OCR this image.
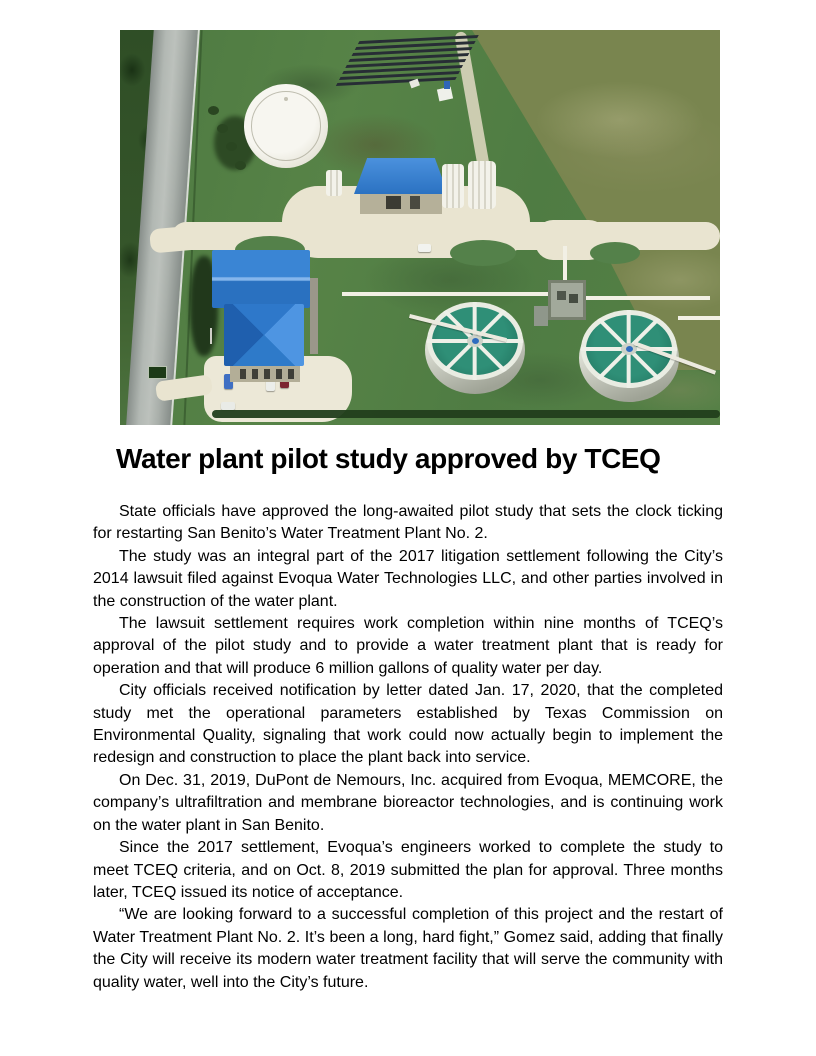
Water plant pilot study approved by TCEQ

State officials have approved the long-awaited pilot study that sets the clock ticking for restarting San Benito’s Water Treatment Plant No. 2.

The study was an integral part of the 2017 litigation settlement following the City’s 2014 lawsuit filed against Evoqua Water Technologies LLC, and other parties involved in the construction of the water plant.

The lawsuit settlement requires work completion within nine months of TCEQ’s approval of the pilot study and to provide a water treatment plant that is ready for operation and that will produce 6 million gallons of quality water per day.

City officials received notification by letter dated Jan. 17, 2020, that the completed study met the operational parameters established by Texas Commission on Environmental Quality, signaling that work could now actually begin to implement the redesign and construction to place the plant back into service.

On Dec. 31, 2019, DuPont de Nemours, Inc. acquired from Evoqua, MEMCORE, the company’s ultrafiltration and membrane bioreactor technologies, and is continuing work on the water plant in San Benito.

Since the 2017 settlement, Evoqua’s engineers worked to complete the study to meet TCEQ criteria, and on Oct. 8, 2019 submitted the plan for approval. Three months later, TCEQ issued its notice of acceptance.

“We are looking forward to a successful completion of this project and the restart of Water Treatment Plant No. 2. It’s been a long, hard fight,” Gomez said, adding that finally the City will receive its modern water treatment facility that will serve the community with quality water, well into the City’s future.
